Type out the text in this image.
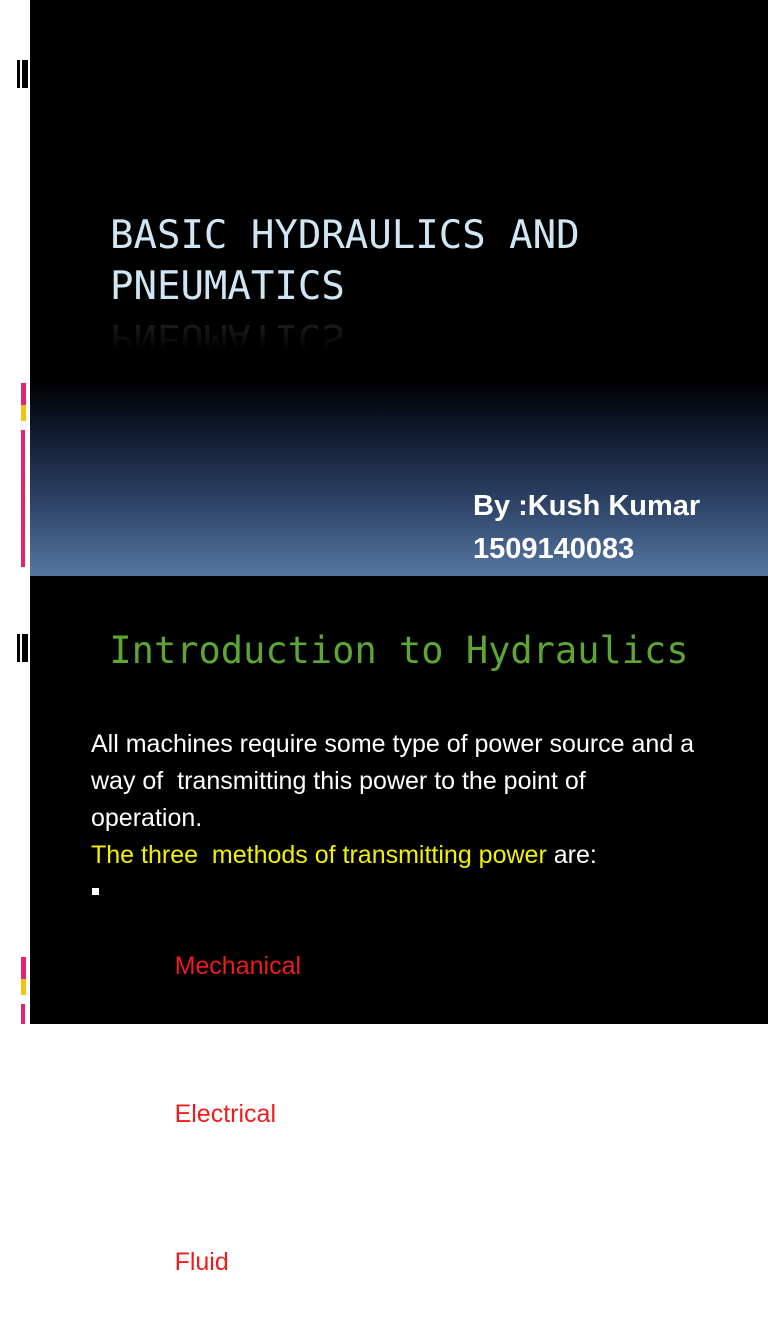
BASIC HYDRAULICS AND PNEUMATICS
By :Kush Kumar
1509140083
Introduction to Hydraulics
All machines require some type of power source and a
way of  transmitting this power to the point of
operation.
The three  methods of transmitting power are:

Mechanical

Electrical

Fluid
